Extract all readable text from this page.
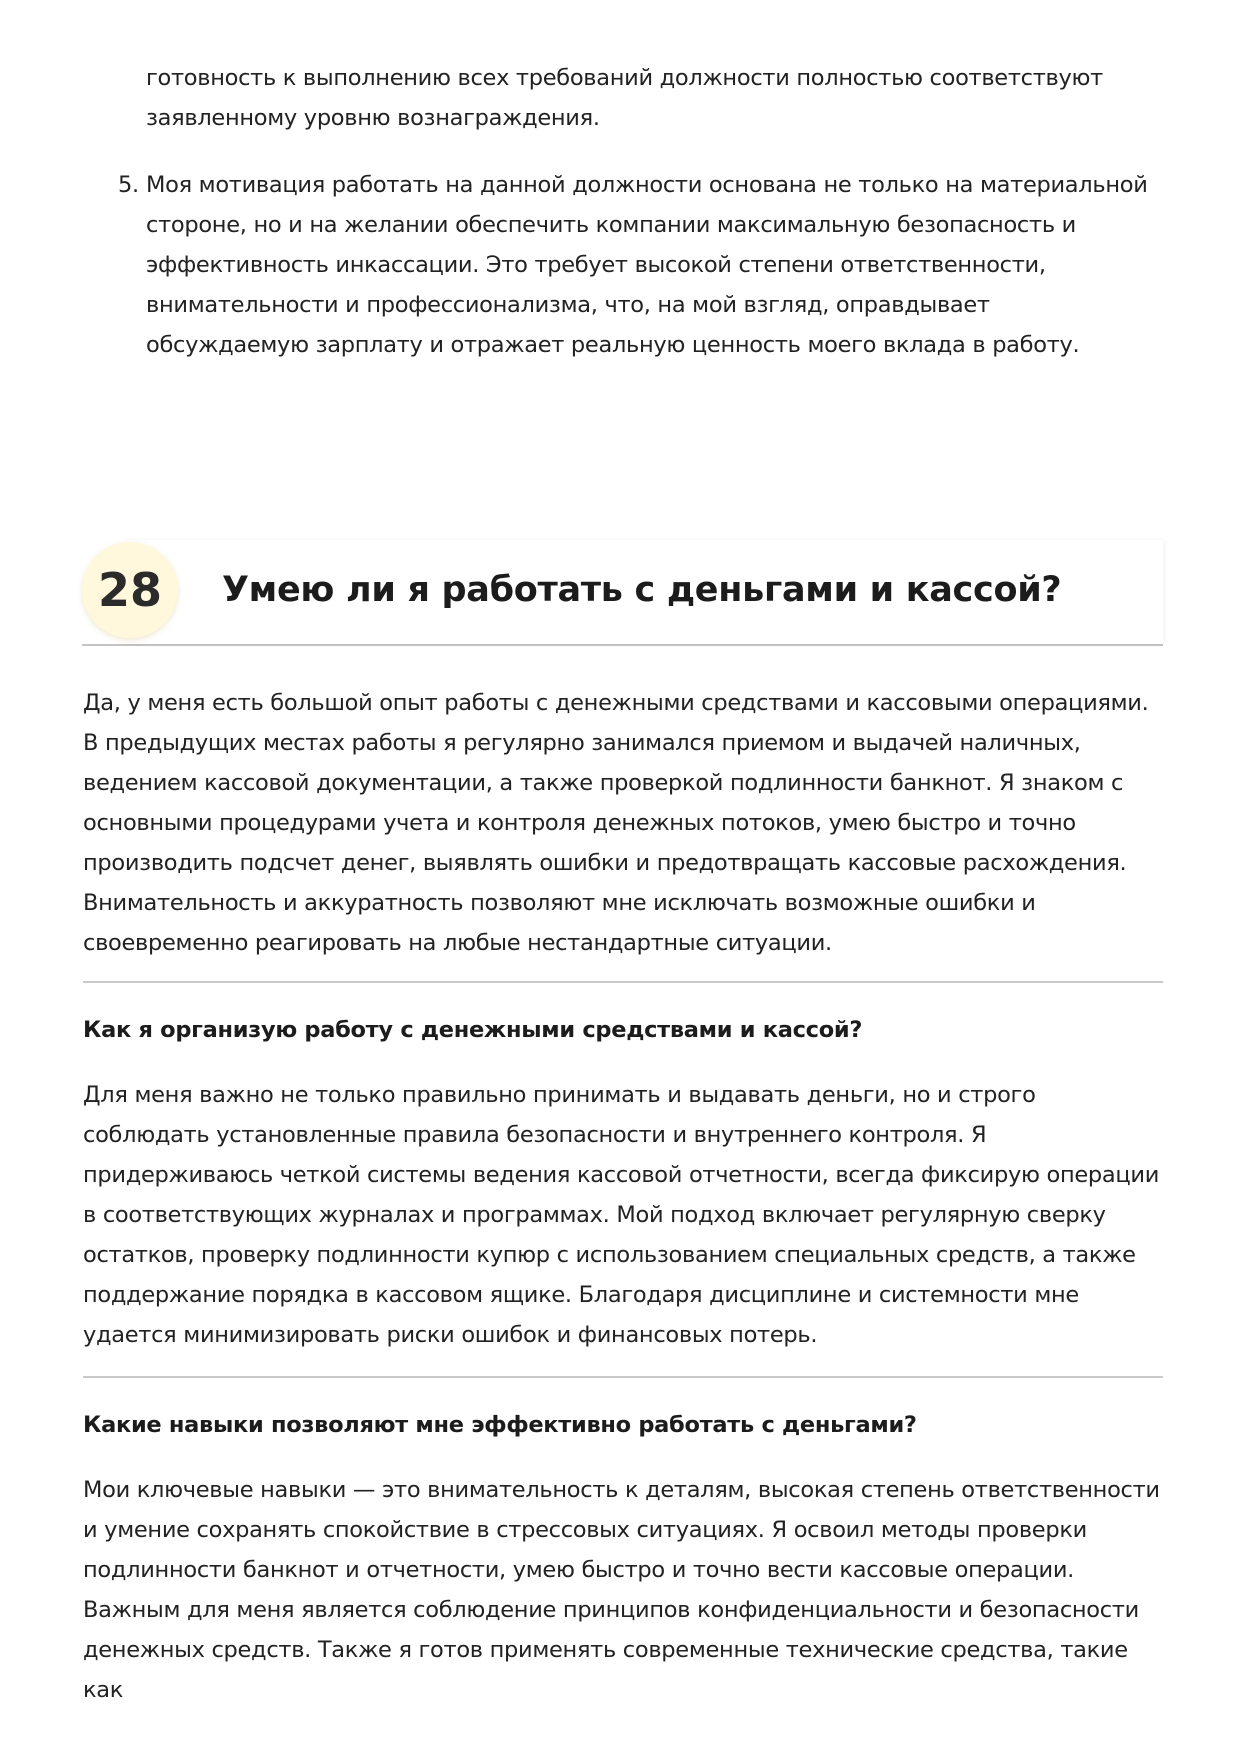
готовность к выполнению всех требований должности полностью соответствуют заявленному уровню вознаграждения.

5. Моя мотивация работать на данной должности основана не только на материальной стороне, но и на желании обеспечить компании максимальную безопасность и эффективность инкассации. Это требует высокой степени ответственности, внимательности и профессионализма, что, на мой взгляд, оправдывает обсуждаемую зарплату и отражает реальную ценность моего вклада в работу.
28	Умею ли я работать с деньгами и кассой?

Да, у меня есть большой опыт работы с денежными средствами и кассовыми операциями. В предыдущих местах работы я регулярно занимался приемом и выдачей наличных, ведением кассовой документации, а также проверкой подлинности банкнот. Я знаком с основными процедурами учета и контроля денежных потоков, умею быстро и точно производить подсчет денег, выявлять ошибки и предотвращать кассовые расхождения. Внимательность и аккуратность позволяют мне исключать возможные ошибки и своевременно реагировать на любые нестандартные ситуации.

Как я организую работу с денежными средствами и кассой?

Для меня важно не только правильно принимать и выдавать деньги, но и строго соблюдать установленные правила безопасности и внутреннего контроля. Я придерживаюсь четкой системы ведения кассовой отчетности, всегда фиксирую операции в соответствующих журналах и программах. Мой подход включает регулярную сверку остатков, проверку подлинности купюр с использованием специальных средств, а также поддержание порядка в кассовом ящике. Благодаря дисциплине и системности мне удается минимизировать риски ошибок и финансовых потерь.

Какие навыки позволяют мне эффективно работать с деньгами?

Мои ключевые навыки — это внимательность к деталям, высокая степень ответственности и умение сохранять спокойствие в стрессовых ситуациях. Я освоил методы проверки подлинности банкнот и отчетности, умею быстро и точно вести кассовые операции. Важным для меня является соблюдение принципов конфиденциальности и безопасности денежных средств. Также я готов применять современные технические средства, такие как
